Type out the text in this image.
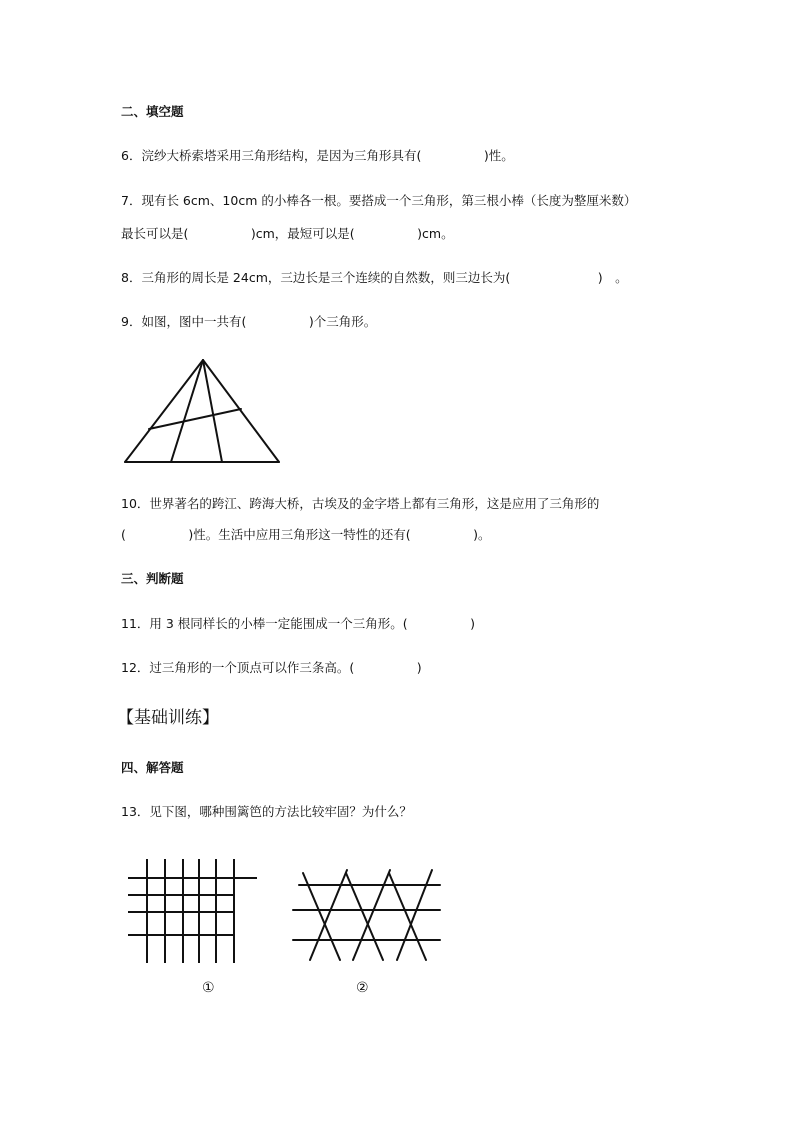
二、填空题
6．浣纱大桥索塔采用三角形结构，是因为三角形具有(　　　　　)性。
7．现有长 6cm、10cm 的小棒各一根。要搭成一个三角形，第三根小棒（长度为整厘米数）
最长可以是(　　　　　)cm，最短可以是(　　　　　)cm。
8．三角形的周长是 24cm，三边长是三个连续的自然数，则三边长为(　　　　　　　)　。
9．如图，图中一共有(　　　　　)个三角形。
10．世界著名的跨江、跨海大桥，古埃及的金字塔上都有三角形，这是应用了三角形的
(　　　　　)性。生活中应用三角形这一特性的还有(　　　　　)。
三、判断题
11．用 3 根同样长的小棒一定能围成一个三角形。(　　　　　)
12．过三角形的一个顶点可以作三条高。(　　　　　)
【基础训练】
四、解答题
13．见下图，哪种围篱笆的方法比较牢固？为什么？
①	②
